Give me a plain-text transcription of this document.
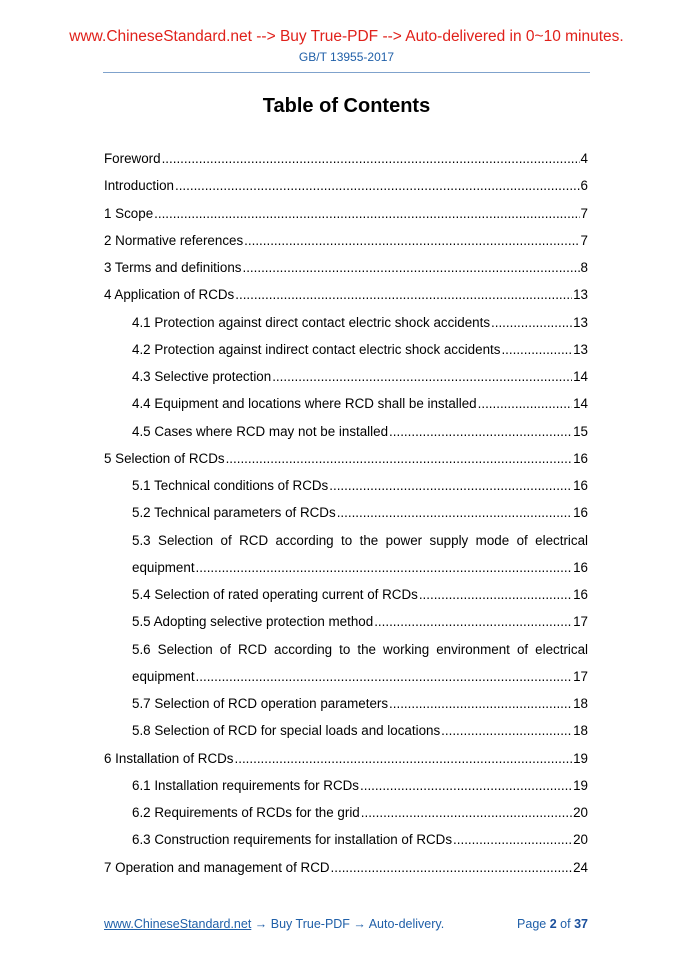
www.ChineseStandard.net --> Buy True-PDF --> Auto-delivered in 0~10 minutes.
GB/T 13955-2017
Table of Contents
Foreword .....	4
Introduction .....	6
1 Scope .....	7
2 Normative references .....	7
3 Terms and definitions .....	8
4 Application of RCDs .....	13
4.1 Protection against direct contact electric shock accidents .....	13
4.2 Protection against indirect contact electric shock accidents .....	13
4.3 Selective protection .....	14
4.4 Equipment and locations where RCD shall be installed .....	14
4.5 Cases where RCD may not be installed .....	15
5 Selection of RCDs .....	16
5.1 Technical conditions of RCDs .....	16
5.2 Technical parameters of RCDs .....	16
5.3 Selection of RCD according to the power supply mode of electrical
equipment .....	16
5.4 Selection of rated operating current of RCDs .....	16
5.5 Adopting selective protection method .....	17
5.6 Selection of RCD according to the working environment of electrical
equipment .....	17
5.7 Selection of RCD operation parameters .....	18
5.8 Selection of RCD for special loads and locations .....	18
6 Installation of RCDs .....	19
6.1 Installation requirements for RCDs .....	19
6.2 Requirements of RCDs for the grid .....	20
6.3 Construction requirements for installation of RCDs .....	20
7 Operation and management of RCD .....	24
www.ChineseStandard.net → Buy True-PDF → Auto-delivery.	Page 2 of 37
